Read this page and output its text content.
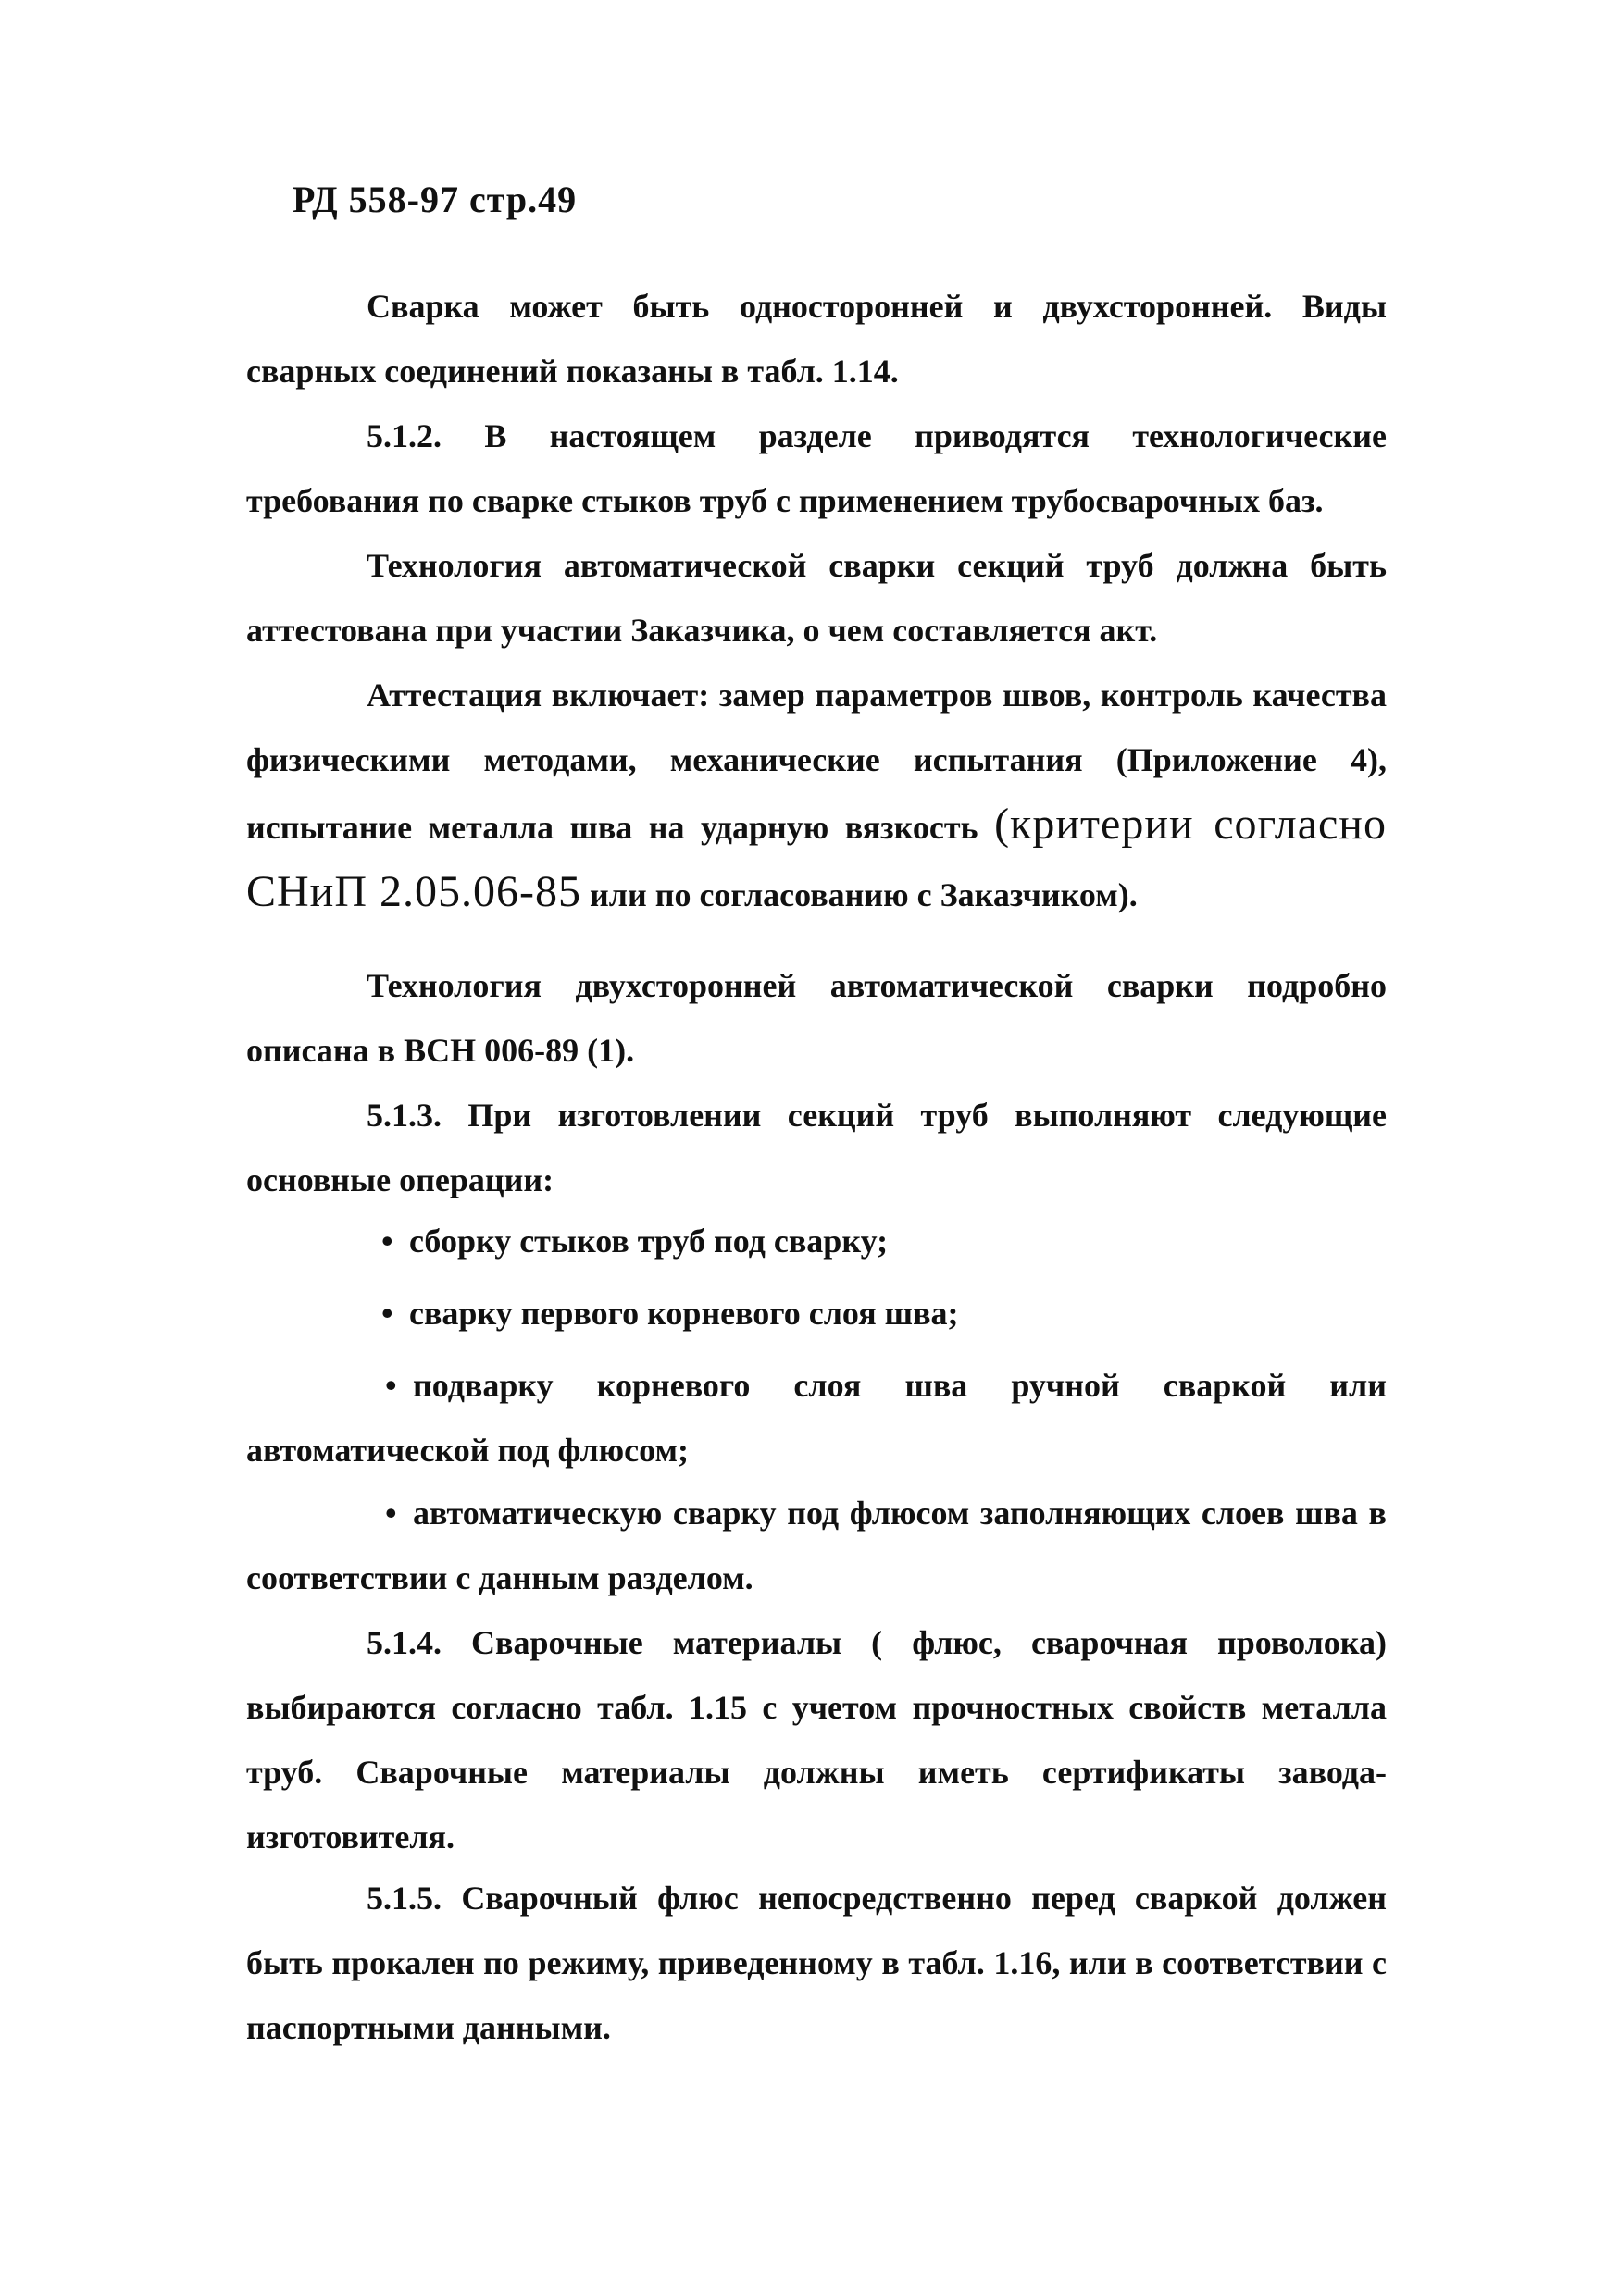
РД 558-97 стр.49

Сварка может быть односторонней и двухсторонней. Виды сварных соединений показаны в табл. 1.14.

5.1.2. В настоящем разделе приводятся технологические требования по сварке стыков труб с применением трубосварочных баз.

Технология автоматической сварки секций труб должна быть аттестована при участии Заказчика, о чем составляется акт.

Аттестация включает: замер параметров швов, контроль качества физическими методами, механические испытания (Приложение 4), испытание металла шва на ударную вязкость (критерии согласно СНиП 2.05.06-85 или по согласованию с Заказчиком).

Технология двухсторонней автоматической сварки подробно описана в ВСН 006-89 (1).

5.1.3. При изготовлении секций труб выполняют следующие основные операции:

• сборку стыков труб под сварку;

• сварку первого корневого слоя шва;

• подварку корневого слоя шва ручной сваркой или автоматической под флюсом;

• автоматическую сварку под флюсом заполняющих слоев шва в соответствии с данным разделом.

5.1.4. Сварочные материалы ( флюс, сварочная проволока) выбираются согласно табл. 1.15 с учетом прочностных свойств металла труб. Сварочные материалы должны иметь сертификаты завода-изготовителя.

5.1.5. Сварочный флюс непосредственно перед сваркой должен быть прокален по режиму, приведенному в табл. 1.16, или в соответствии с паспортными данными.
